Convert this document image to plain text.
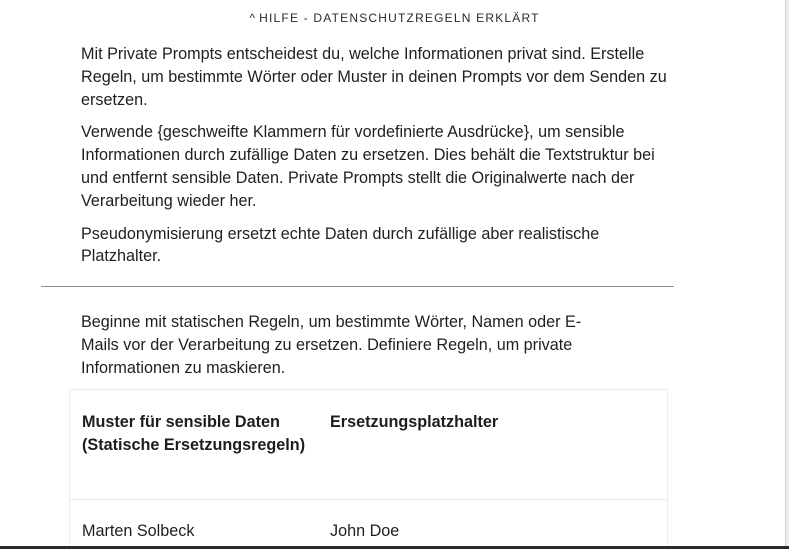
^ HILFE - DATENSCHUTZREGELN ERKLÄRT

Mit Private Prompts entscheidest du, welche Informationen privat sind. Erstelle Regeln, um bestimmte Wörter oder Muster in deinen Prompts vor dem Senden zu ersetzen.

Verwende {geschweifte Klammern für vordefinierte Ausdrücke}, um sensible Informationen durch zufällige Daten zu ersetzen. Dies behält die Textstruktur bei und entfernt sensible Daten. Private Prompts stellt die Originalwerte nach der Verarbeitung wieder her.

Pseudonymisierung ersetzt echte Daten durch zufällige aber realistische Platzhalter.

Beginne mit statischen Regeln, um bestimmte Wörter, Namen oder E-Mails vor der Verarbeitung zu ersetzen. Definiere Regeln, um private Informationen zu maskieren.

Muster für sensible Daten (Statische Ersetzungsregeln)
Ersetzungsplatzhalter
Marten Solbeck	John Doe
